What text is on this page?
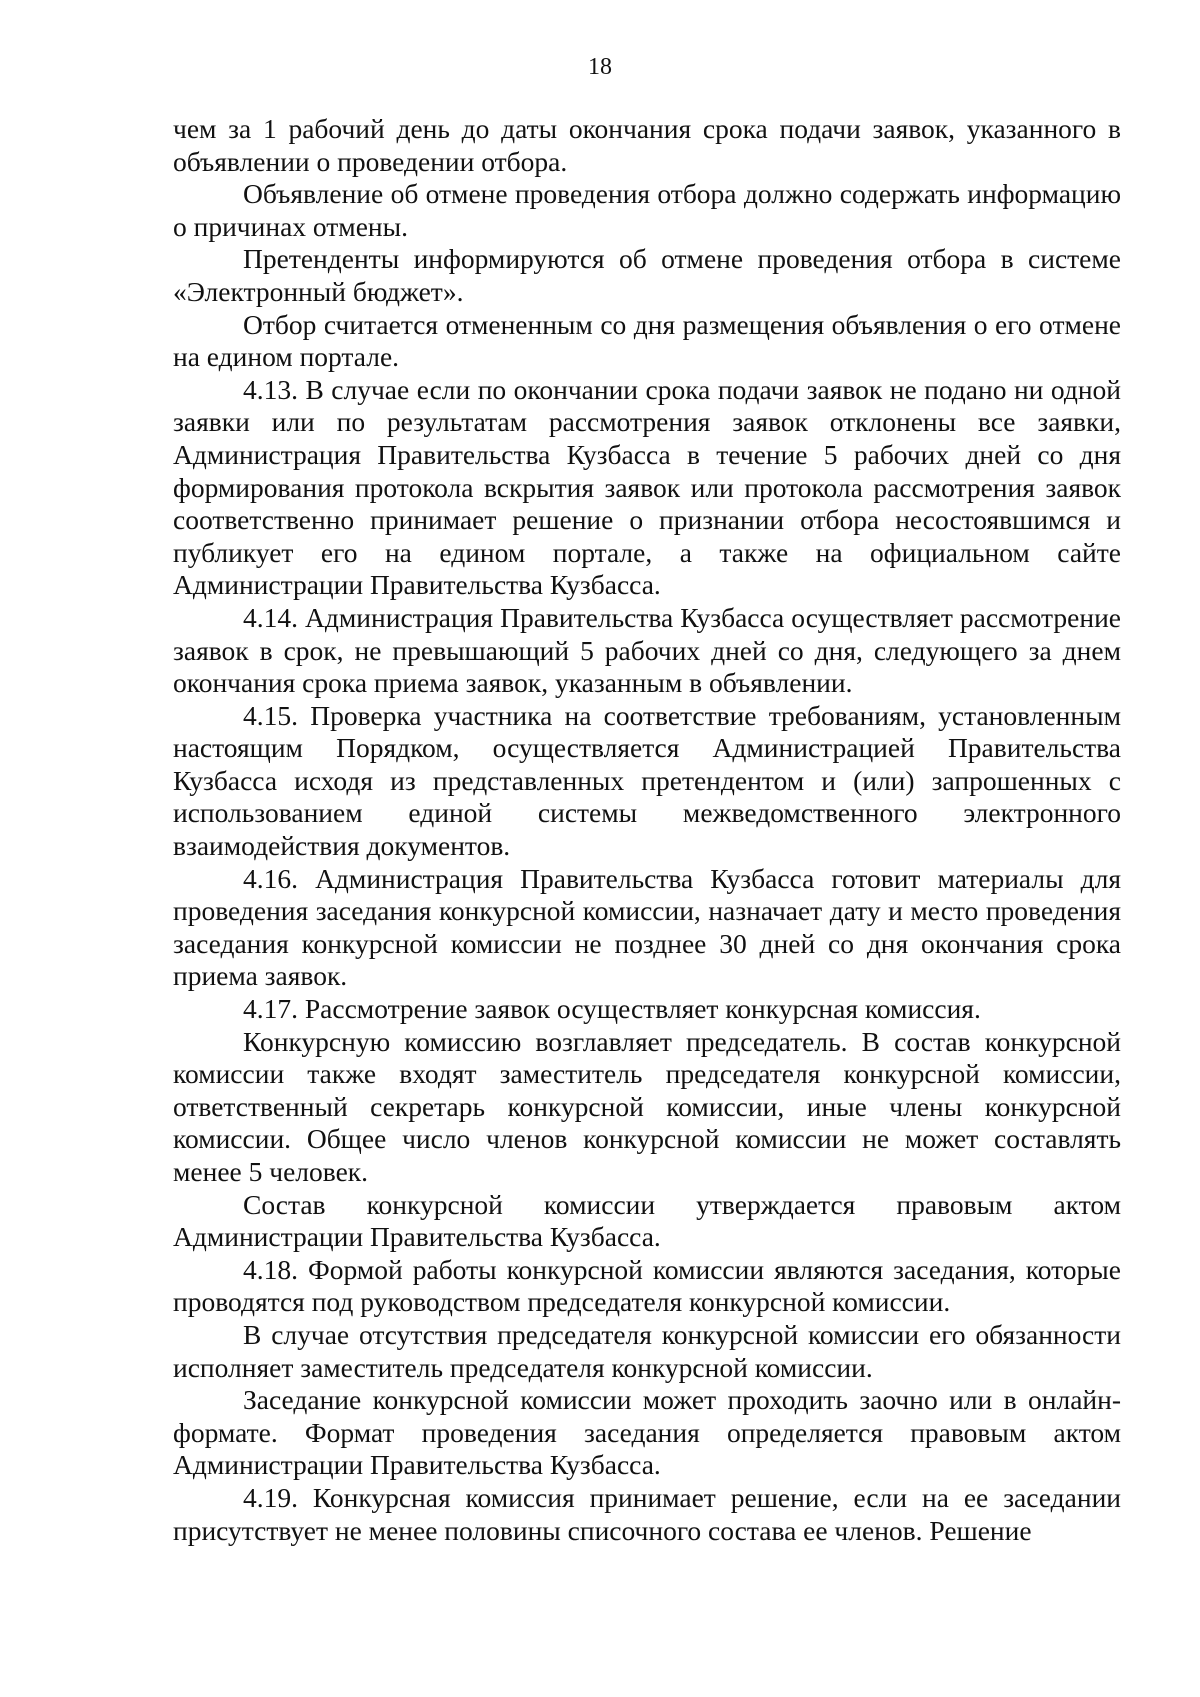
18

чем за 1 рабочий день до даты окончания срока подачи заявок, указанного в объявлении о проведении отбора.

Объявление об отмене проведения отбора должно содержать информацию о причинах отмены.

Претенденты информируются об отмене проведения отбора в системе «Электронный бюджет».

Отбор считается отмененным со дня размещения объявления о его отмене на едином портале.

4.13. В случае если по окончании срока подачи заявок не подано ни одной заявки или по результатам рассмотрения заявок отклонены все заявки, Администрация Правительства Кузбасса в течение 5 рабочих дней со дня формирования протокола вскрытия заявок или протокола рассмотрения заявок соответственно принимает решение о признании отбора несостоявшимся и публикует его на едином портале, а также на официальном сайте Администрации Правительства Кузбасса.

4.14. Администрация Правительства Кузбасса осуществляет рассмотрение заявок в срок, не превышающий 5 рабочих дней со дня, следующего за днем окончания срока приема заявок, указанным в объявлении.

4.15. Проверка участника на соответствие требованиям, установленным настоящим Порядком, осуществляется Администрацией Правительства Кузбасса исходя из представленных претендентом и (или) запрошенных с использованием единой системы межведомственного электронного взаимодействия документов.

4.16. Администрация Правительства Кузбасса готовит материалы для проведения заседания конкурсной комиссии, назначает дату и место проведения заседания конкурсной комиссии не позднее 30 дней со дня окончания срока приема заявок.

4.17. Рассмотрение заявок осуществляет конкурсная комиссия.

Конкурсную комиссию возглавляет председатель. В состав конкурсной комиссии также входят заместитель председателя конкурсной комиссии, ответственный секретарь конкурсной комиссии, иные члены конкурсной комиссии. Общее число членов конкурсной комиссии не может составлять менее 5 человек.

Состав конкурсной комиссии утверждается правовым актом Администрации Правительства Кузбасса.

4.18. Формой работы конкурсной комиссии являются заседания, которые проводятся под руководством председателя конкурсной комиссии.

В случае отсутствия председателя конкурсной комиссии его обязанности исполняет заместитель председателя конкурсной комиссии.

Заседание конкурсной комиссии может проходить заочно или в онлайн-формате. Формат проведения заседания определяется правовым актом Администрации Правительства Кузбасса.

4.19. Конкурсная комиссия принимает решение, если на ее заседании присутствует не менее половины списочного состава ее членов. Решение
